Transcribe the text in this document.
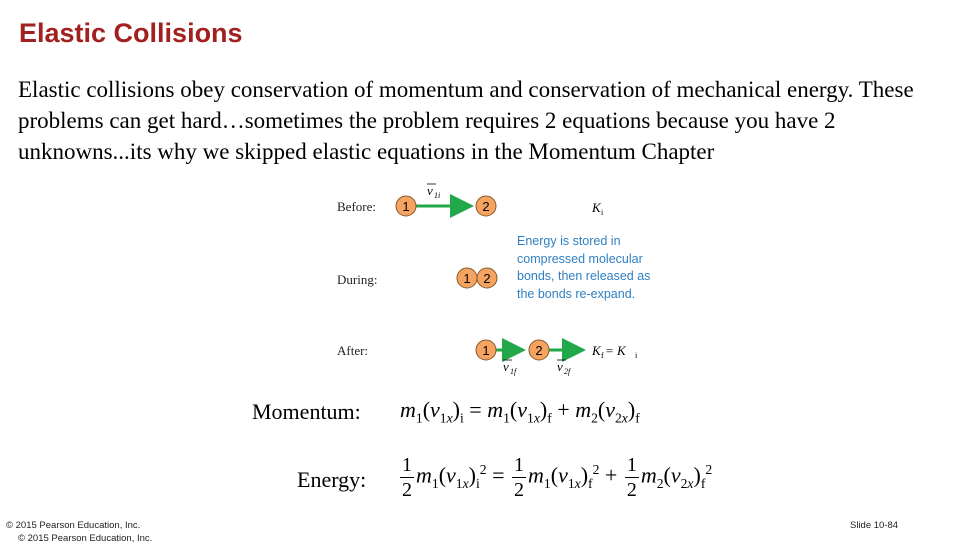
Elastic Collisions
Elastic collisions obey conservation of momentum and conservation of mechanical energy. These problems can get hard…sometimes the problem requires 2 equations because you have 2 unknowns...its why we skipped elastic equations in the Momentum Chapter
1	2
1 2
1	2
v 1i
v 1f	v 2f
K i
K f = K i
Before:
During:
After:
Energy is stored in compressed molecular bonds, then released as the bonds re-expand.
Momentum: $m_1(v_{1x})_i = m_1(v_{1x})_f + m_2(v_{2x})_f$
Energy: $\frac{1}{2} m_1(v_{1x})_i^2 = \frac{1}{2} m_1(v_{1x})_f^2 + \frac{1}{2} m_2(v_{2x})_f^2$
© 2015 Pearson Education, Inc.
© 2015 Pearson Education, Inc.
Slide 10-84
